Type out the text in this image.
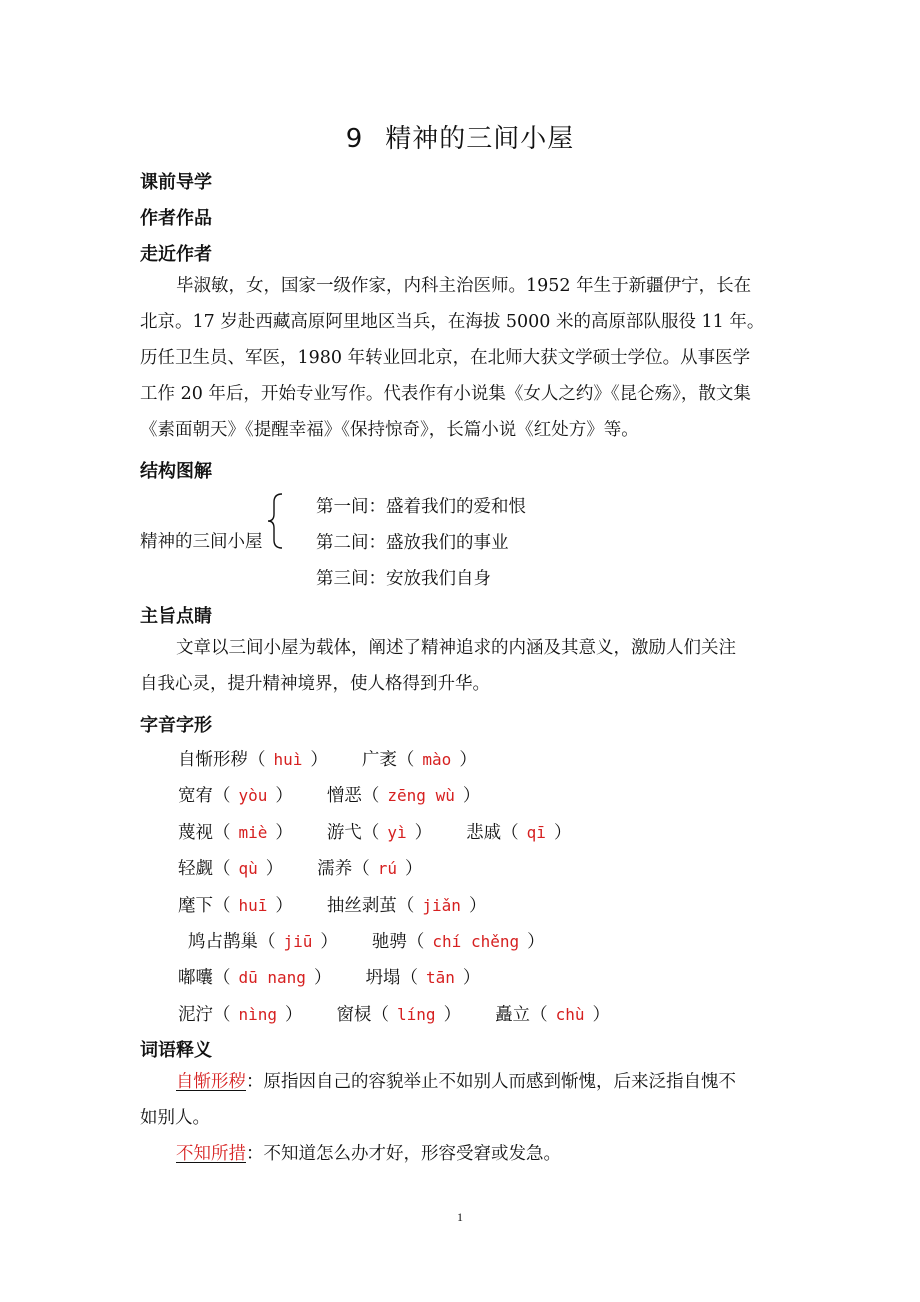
9 精神的三间小屋
课前导学
作者作品
走近作者
毕淑敏，女，国家一级作家，内科主治医师。1952 年生于新疆伊宁，长在
北京。17 岁赴西藏高原阿里地区当兵，在海拔 5000 米的高原部队服役 11 年。
历任卫生员、军医，1980 年转业回北京，在北师大获文学硕士学位。从事医学
工作 20 年后，开始专业写作。代表作有小说集《女人之约》《昆仑殇》，散文集
《素面朝天》《提醒幸福》《保持惊奇》，长篇小说《红处方》等。
结构图解
精神的三间小屋
第一间：盛着我们的爱和恨
第二间：盛放我们的事业
第三间：安放我们自身
主旨点睛
文章以三间小屋为载体，阐述了精神追求的内涵及其意义，激励人们关注
自我心灵，提升精神境界，使人格得到升华。
字音字形
自惭形秽（ huì ） 广袤（ mào ）
宽宥（ yòu ） 憎恶（ zēng wù ）
蔑视（ miè ） 游弋（ yì ） 悲戚（ qī ）
轻觑（ qù ） 濡养（ rú ）
麾下（ huī ） 抽丝剥茧（ jiǎn ）
鸠占鹊巢（ jiū ） 驰骋（ chí chěng ）
嘟囔（ dū nang ） 坍塌（ tān ）
泥泞（ nìng ） 窗棂（ líng ） 矗立（ chù ）
词语释义
自惭形秽：原指因自己的容貌举止不如别人而感到惭愧，后来泛指自愧不
如别人。
不知所措：不知道怎么办才好，形容受窘或发急。
1
